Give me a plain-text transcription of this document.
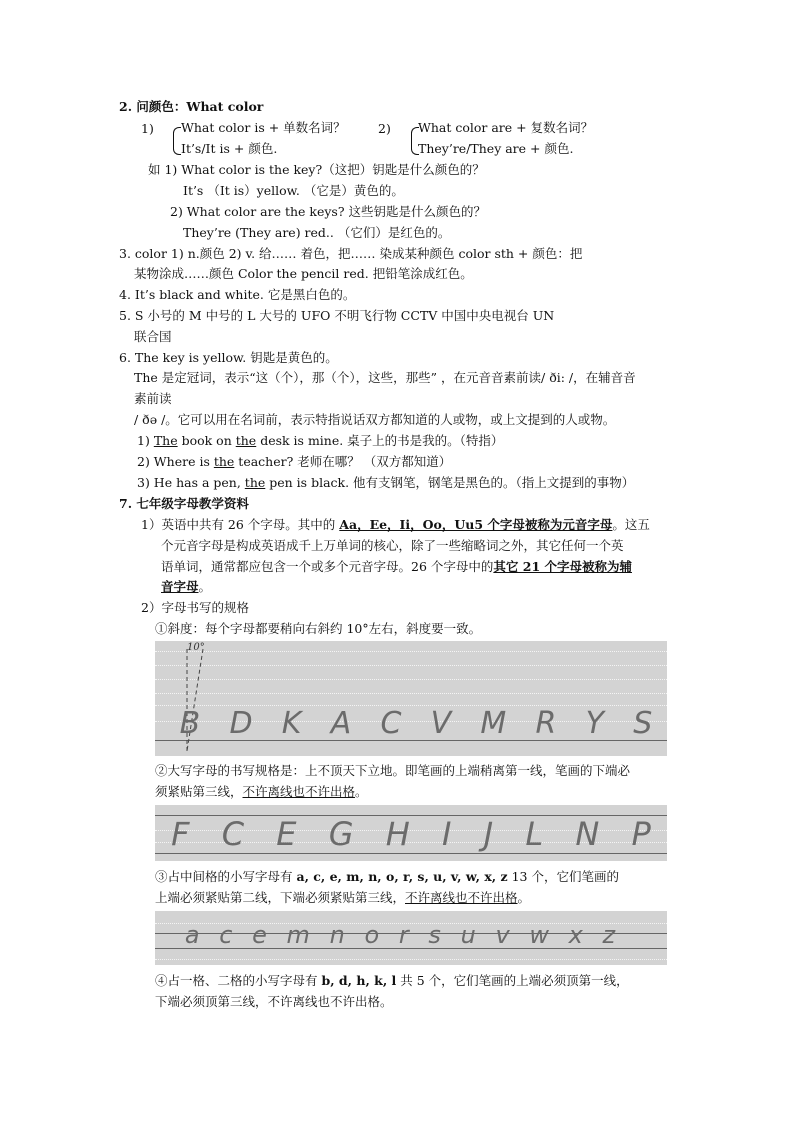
2. 问颜色：What color
1) What color is + 单数名词？
It’s/It is + 颜色.
2) What color are + 复数名词？
They’re/They are + 颜色.
如 1) What color is the key?（这把）钥匙是什么颜色的？
It’s （It is）yellow. （它是）黄色的。
2) What color are the keys? 这些钥匙是什么颜色的？
They’re (They are) red.. （它们）是红色的。
3. color 1) n.颜色 2) v. 给…… 着色，把…… 染成某种颜色 color sth + 颜色：把
某物涂成……颜色 Color the pencil red. 把铅笔涂成红色。
4. It’s black and white. 它是黑白色的。
5. S 小号的 M 中号的 L 大号的 UFO 不明飞行物 CCTV 中国中央电视台 UN
联合国
6. The key is yellow. 钥匙是黄色的。
The 是定冠词，表示“这（个），那（个），这些，那些” ，在元音音素前读/ ði: /，在辅音音
素前读
/ ðə /。它可以用在名词前，表示特指说话双方都知道的人或物，或上文提到的人或物。
1) The book on the desk is mine. 桌子上的书是我的。（特指）
2) Where is the teacher? 老师在哪？ （双方都知道）
3) He has a pen, the pen is black. 他有支钢笔，钢笔是黑色的。（指上文提到的事物）
7. 七年级字母教学资料
1）英语中共有 26 个字母。其中的 Aa，Ee，Ii，Oo，Uu5 个字母被称为元音字母。这五
个元音字母是构成英语成千上万单词的核心，除了一些缩略词之外，其它任何一个英
语单词，通常都应包含一个或多个元音字母。26 个字母中的其它 21 个字母被称为辅
音字母。
2）字母书写的规格
①斜度：每个字母都要稍向右斜约 10°左右，斜度要一致。
10°
B D K A C V M R Y S
②大写字母的书写规格是：上不顶天下立地。即笔画的上端稍离第一线，笔画的下端必
须紧贴第三线，不许离线也不许出格。
F C E G H I J L N P
③占中间格的小写字母有 a, c, e, m, n, o, r, s, u, v, w, x, z 13 个，它们笔画的
上端必须紧贴第二线，下端必须紧贴第三线，不许离线也不许出格。
a c e m n o r s u v w x z
④占一格、二格的小写字母有 b, d, h, k, l 共 5 个，它们笔画的上端必须顶第一线，
下端必须顶第三线，不许离线也不许出格。
